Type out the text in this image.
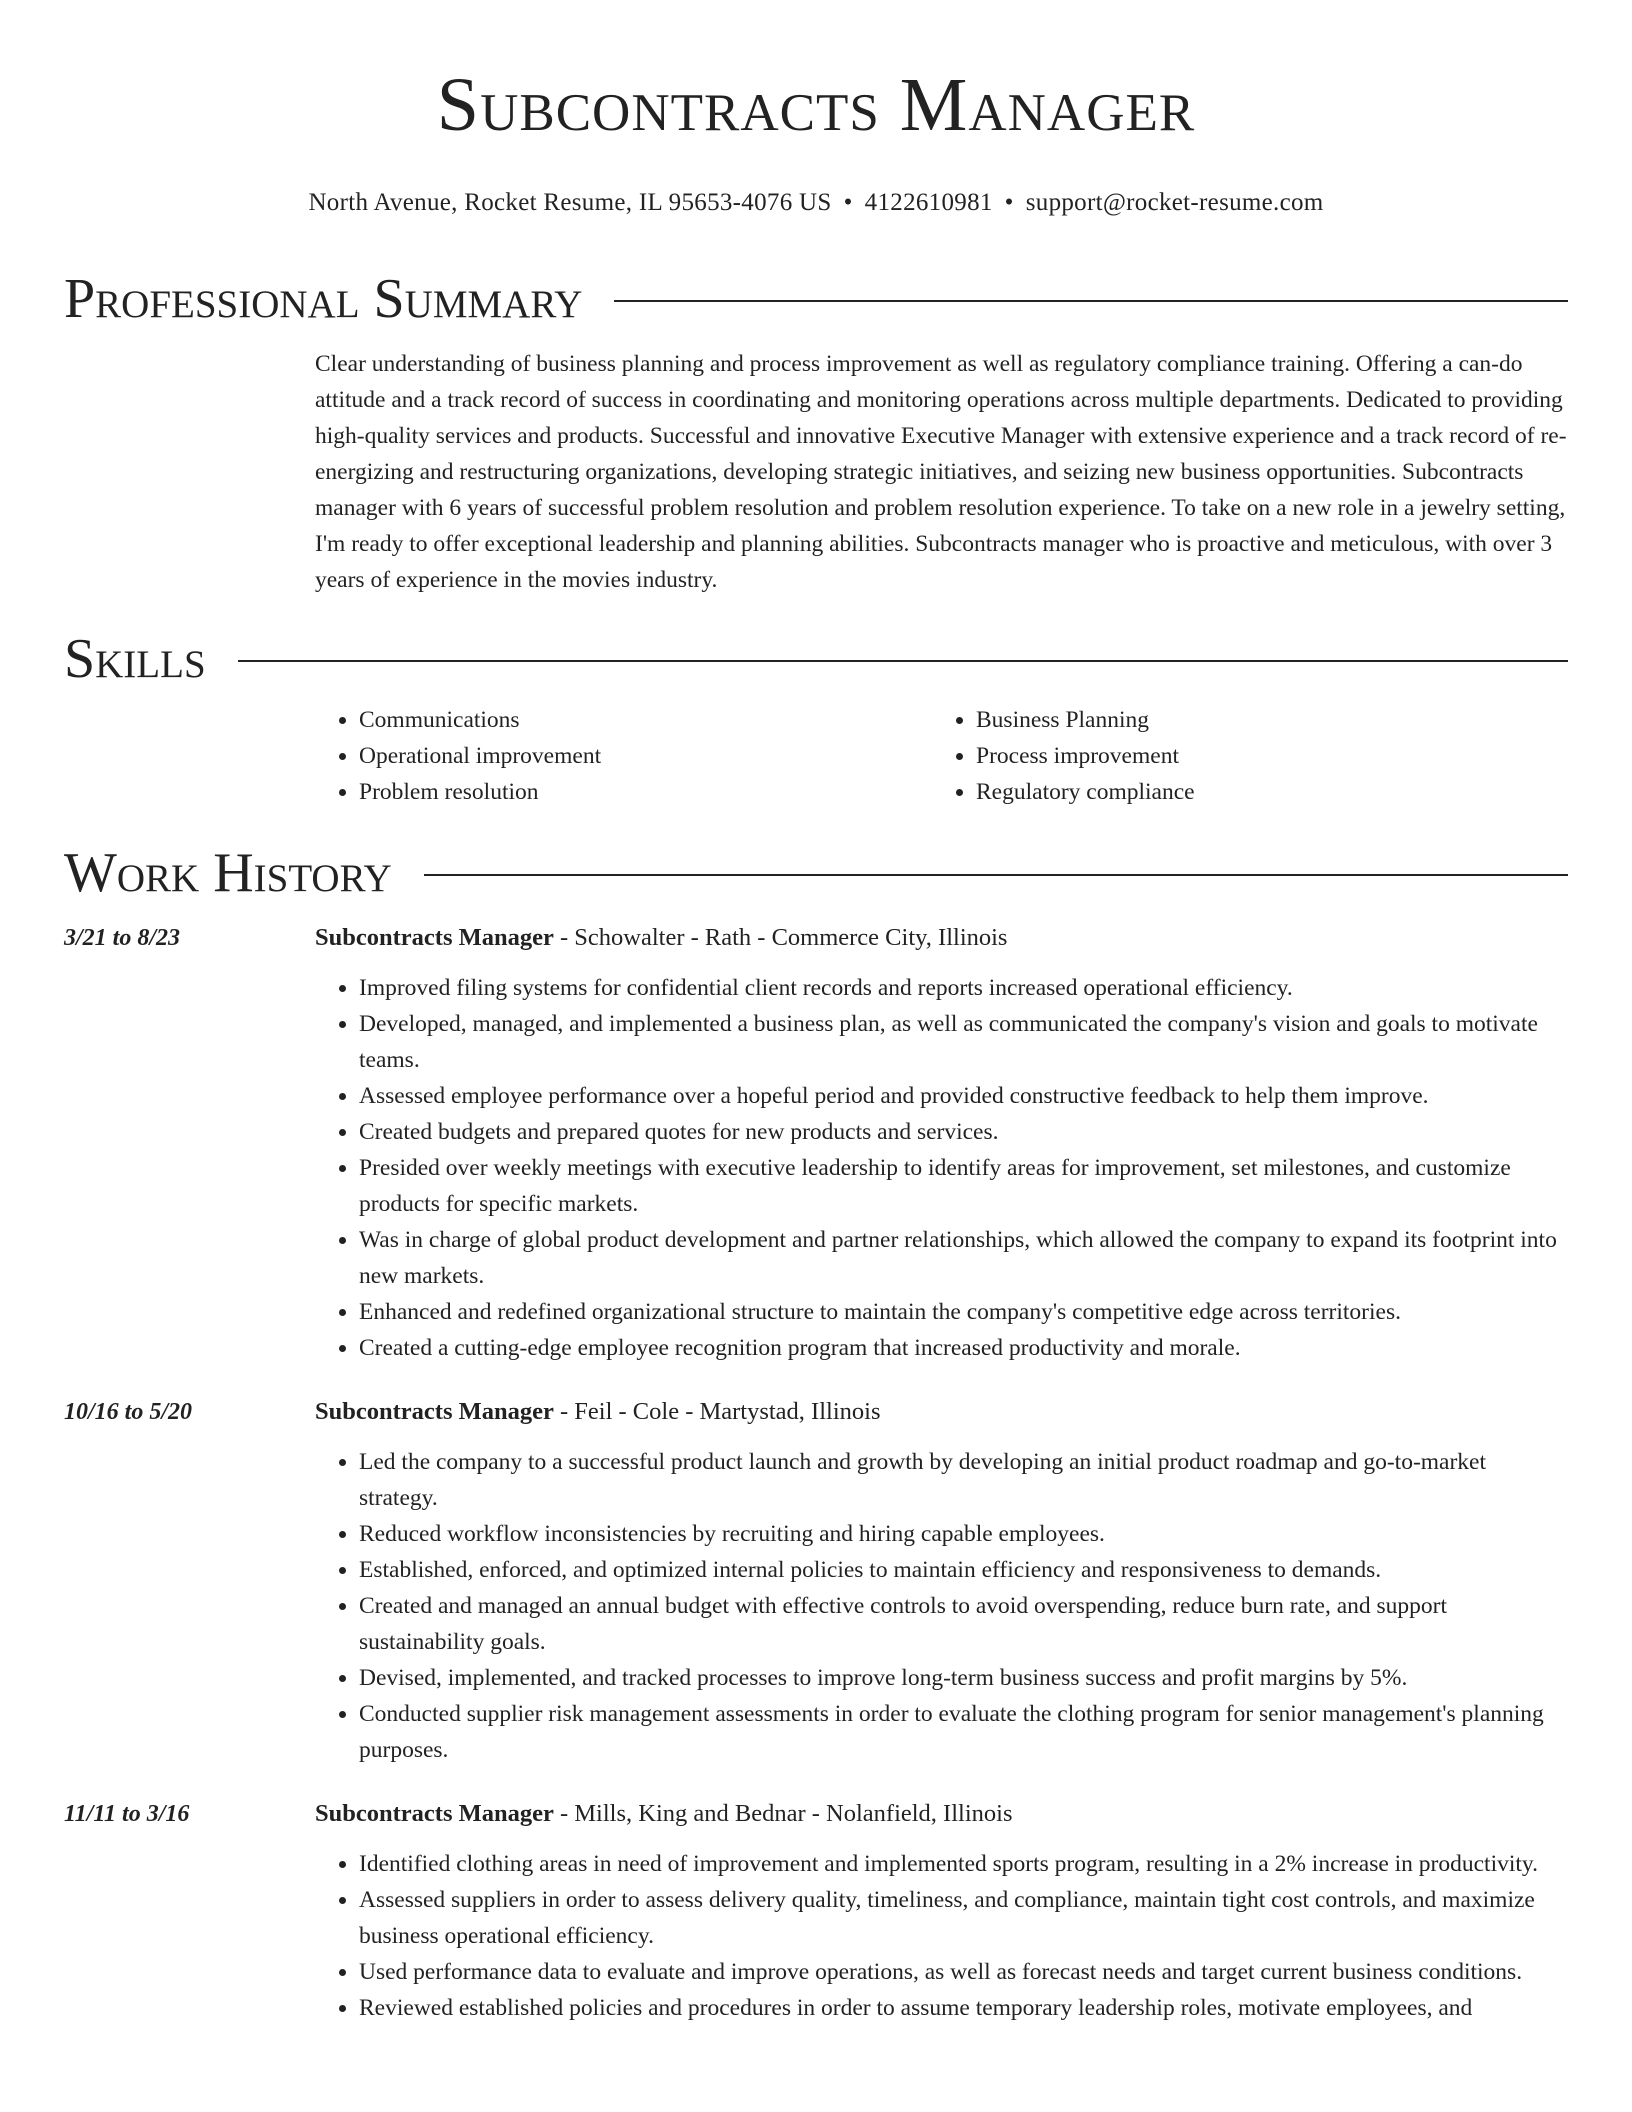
Subcontracts Manager
North Avenue, Rocket Resume, IL 95653-4076 US • 4122610981 • support@rocket-resume.com
Professional Summary
Clear understanding of business planning and process improvement as well as regulatory compliance training. Offering a can-do attitude and a track record of success in coordinating and monitoring operations across multiple departments. Dedicated to providing high-quality services and products. Successful and innovative Executive Manager with extensive experience and a track record of re-energizing and restructuring organizations, developing strategic initiatives, and seizing new business opportunities. Subcontracts manager with 6 years of successful problem resolution and problem resolution experience. To take on a new role in a jewelry setting, I'm ready to offer exceptional leadership and planning abilities. Subcontracts manager who is proactive and meticulous, with over 3 years of experience in the movies industry.
Skills
• Communications
• Operational improvement
• Problem resolution
• Business Planning
• Process improvement
• Regulatory compliance
Work History
3/21 to 8/23	Subcontracts Manager - Schowalter - Rath - Commerce City, Illinois
• Improved filing systems for confidential client records and reports increased operational efficiency.
• Developed, managed, and implemented a business plan, as well as communicated the company's vision and goals to motivate teams.
• Assessed employee performance over a hopeful period and provided constructive feedback to help them improve.
• Created budgets and prepared quotes for new products and services.
• Presided over weekly meetings with executive leadership to identify areas for improvement, set milestones, and customize products for specific markets.
• Was in charge of global product development and partner relationships, which allowed the company to expand its footprint into new markets.
• Enhanced and redefined organizational structure to maintain the company's competitive edge across territories.
• Created a cutting-edge employee recognition program that increased productivity and morale.
10/16 to 5/20	Subcontracts Manager - Feil - Cole - Martystad, Illinois
• Led the company to a successful product launch and growth by developing an initial product roadmap and go-to-market strategy.
• Reduced workflow inconsistencies by recruiting and hiring capable employees.
• Established, enforced, and optimized internal policies to maintain efficiency and responsiveness to demands.
• Created and managed an annual budget with effective controls to avoid overspending, reduce burn rate, and support sustainability goals.
• Devised, implemented, and tracked processes to improve long-term business success and profit margins by 5%.
• Conducted supplier risk management assessments in order to evaluate the clothing program for senior management's planning purposes.
11/11 to 3/16	Subcontracts Manager - Mills, King and Bednar - Nolanfield, Illinois
• Identified clothing areas in need of improvement and implemented sports program, resulting in a 2% increase in productivity.
• Assessed suppliers in order to assess delivery quality, timeliness, and compliance, maintain tight cost controls, and maximize business operational efficiency.
• Used performance data to evaluate and improve operations, as well as forecast needs and target current business conditions.
• Reviewed established policies and procedures in order to assume temporary leadership roles, motivate employees, and
